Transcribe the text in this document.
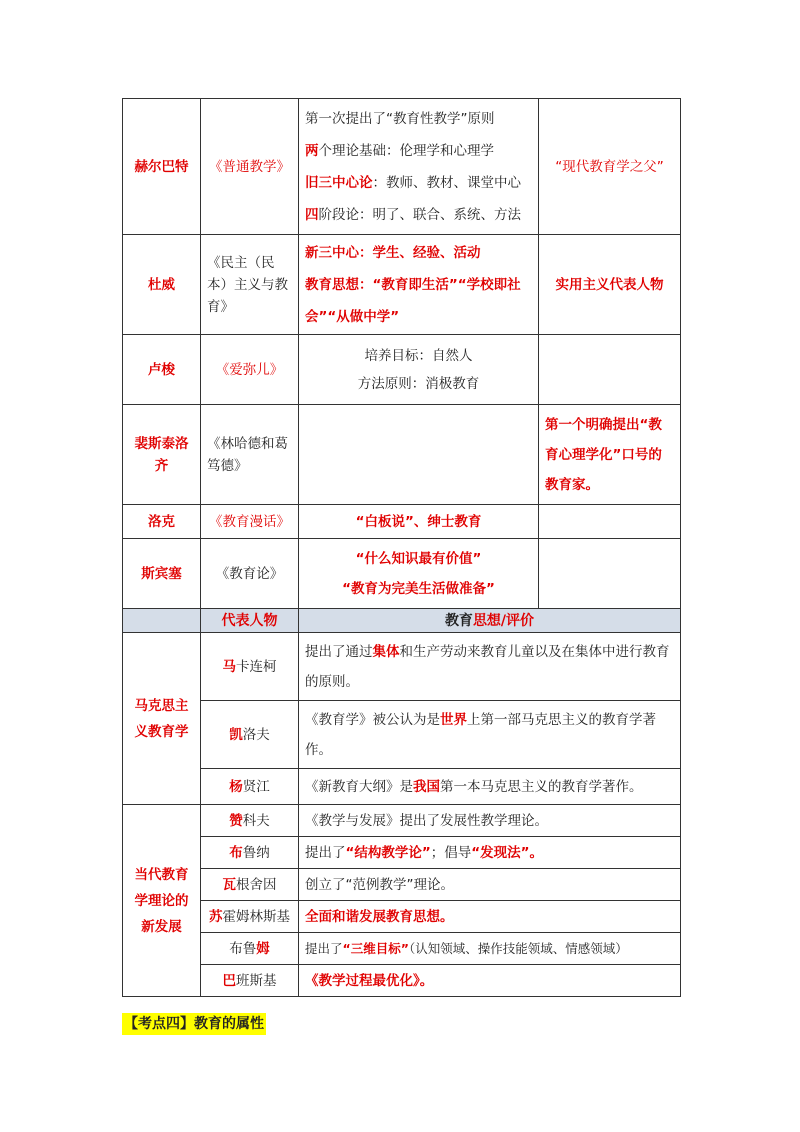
赫尔巴特	《普通教学》	第一次提出了“教育性教学”原则
两个理论基础：伦理学和心理学
旧三中心论：教师、教材、课堂中心
四阶段论：明了、联合、系统、方法	“现代教育学之父”
杜威	《民主（民本）主义与教育》	新三中心：学生、经验、活动
教育思想：“教育即生活”“学校即社会”“从做中学”	实用主义代表人物
卢梭	《爱弥儿》	培养目标：自然人
方法原则：消极教育	

裴斯泰洛齐	《林哈德和葛笃德》		第一个明确提出“教育心理学化”口号的教育家。
洛克	《教育漫话》	“白板说”、绅士教育	
斯宾塞	《教育论》	“什么知识最有价值”
“教育为完美生活做准备”	

	代表人物	教育思想/评价	
马克思主义教育学	马卡连柯	提出了通过集体和生产劳动来教育儿童以及在集体中进行教育的原则。	
	凯洛夫	《教育学》被公认为是世界上第一部马克思主义的教育学著作。	
	杨贤江	《新教育大纲》是我国第一本马克思主义的教育学著作。	
当代教育学理论的新发展	赞科夫	《教学与发展》提出了发展性教学理论。	
	布鲁纳	提出了“结构教学论”；倡导“发现法”。	
	瓦根舍因	创立了“范例教学”理论。	
	苏霍姆林斯基	全面和谐发展教育思想。	
	布鲁姆	提出了“三维目标”（认知领域、操作技能领域、情感领域）	
	巴班斯基	《教学过程最优化》。	
【考点四】教育的属性
